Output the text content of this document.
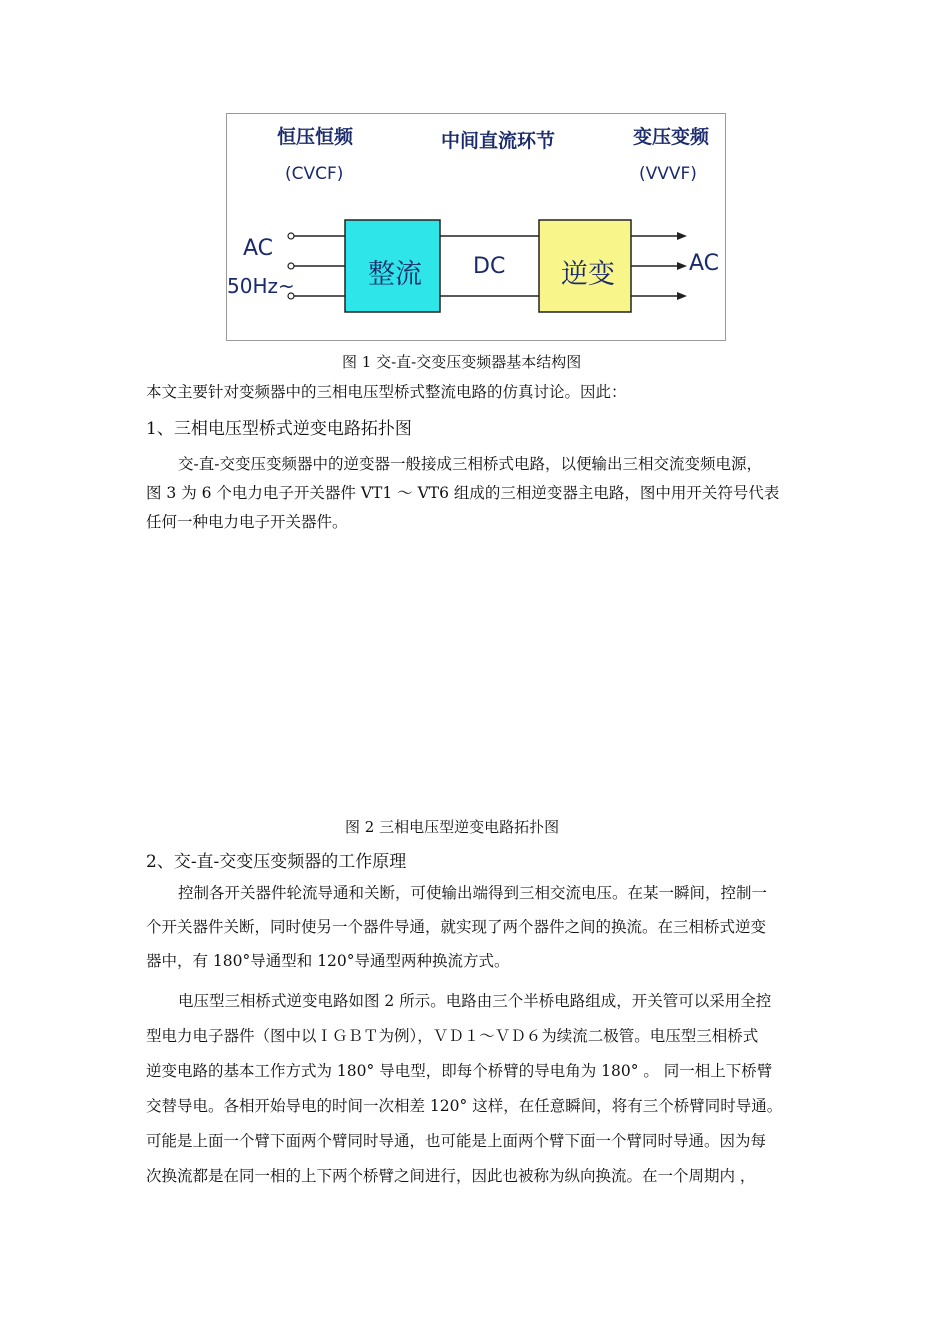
恒压恒频	中间直流环节	变压变频
(CVCF)	(VVVF)
AC
50Hz~	整流 DC 逆变	AC
图 1 交-直-交变压变频器基本结构图
本文主要针对变频器中的三相电压型桥式整流电路的仿真讨论。因此：
1、三相电压型桥式逆变电路拓扑图
交-直-交变压变频器中的逆变器一般接成三相桥式电路，以便输出三相交流变频电源，
图 3 为 6 个电力电子开关器件 VT1 ～ VT6 组成的三相逆变器主电路，图中用开关符号代表
任何一种电力电子开关器件。
图 2 三相电压型逆变电路拓扑图
2、交-直-交变压变频器的工作原理
控制各开关器件轮流导通和关断，可使输出端得到三相交流电压。在某一瞬间，控制一
个开关器件关断，同时使另一个器件导通，就实现了两个器件之间的换流。在三相桥式逆变
器中，有 180°导通型和 120°导通型两种换流方式。
电压型三相桥式逆变电路如图 2 所示。电路由三个半桥电路组成，开关管可以采用全控
型电力电子器件（图中以ＩＧＢＴ为例），ＶＤ１～ＶＤ６为续流二极管。电压型三相桥式
逆变电路的基本工作方式为 180° 导电型，即每个桥臂的导电角为 180° 。 同一相上下桥臂
交替导电。各相开始导电的时间一次相差 120° 这样，在任意瞬间，将有三个桥臂同时导通。
可能是上面一个臂下面两个臂同时导通，也可能是上面两个臂下面一个臂同时导通。因为每
次换流都是在同一相的上下两个桥臂之间进行，因此也被称为纵向换流。在一个周期内 ，
